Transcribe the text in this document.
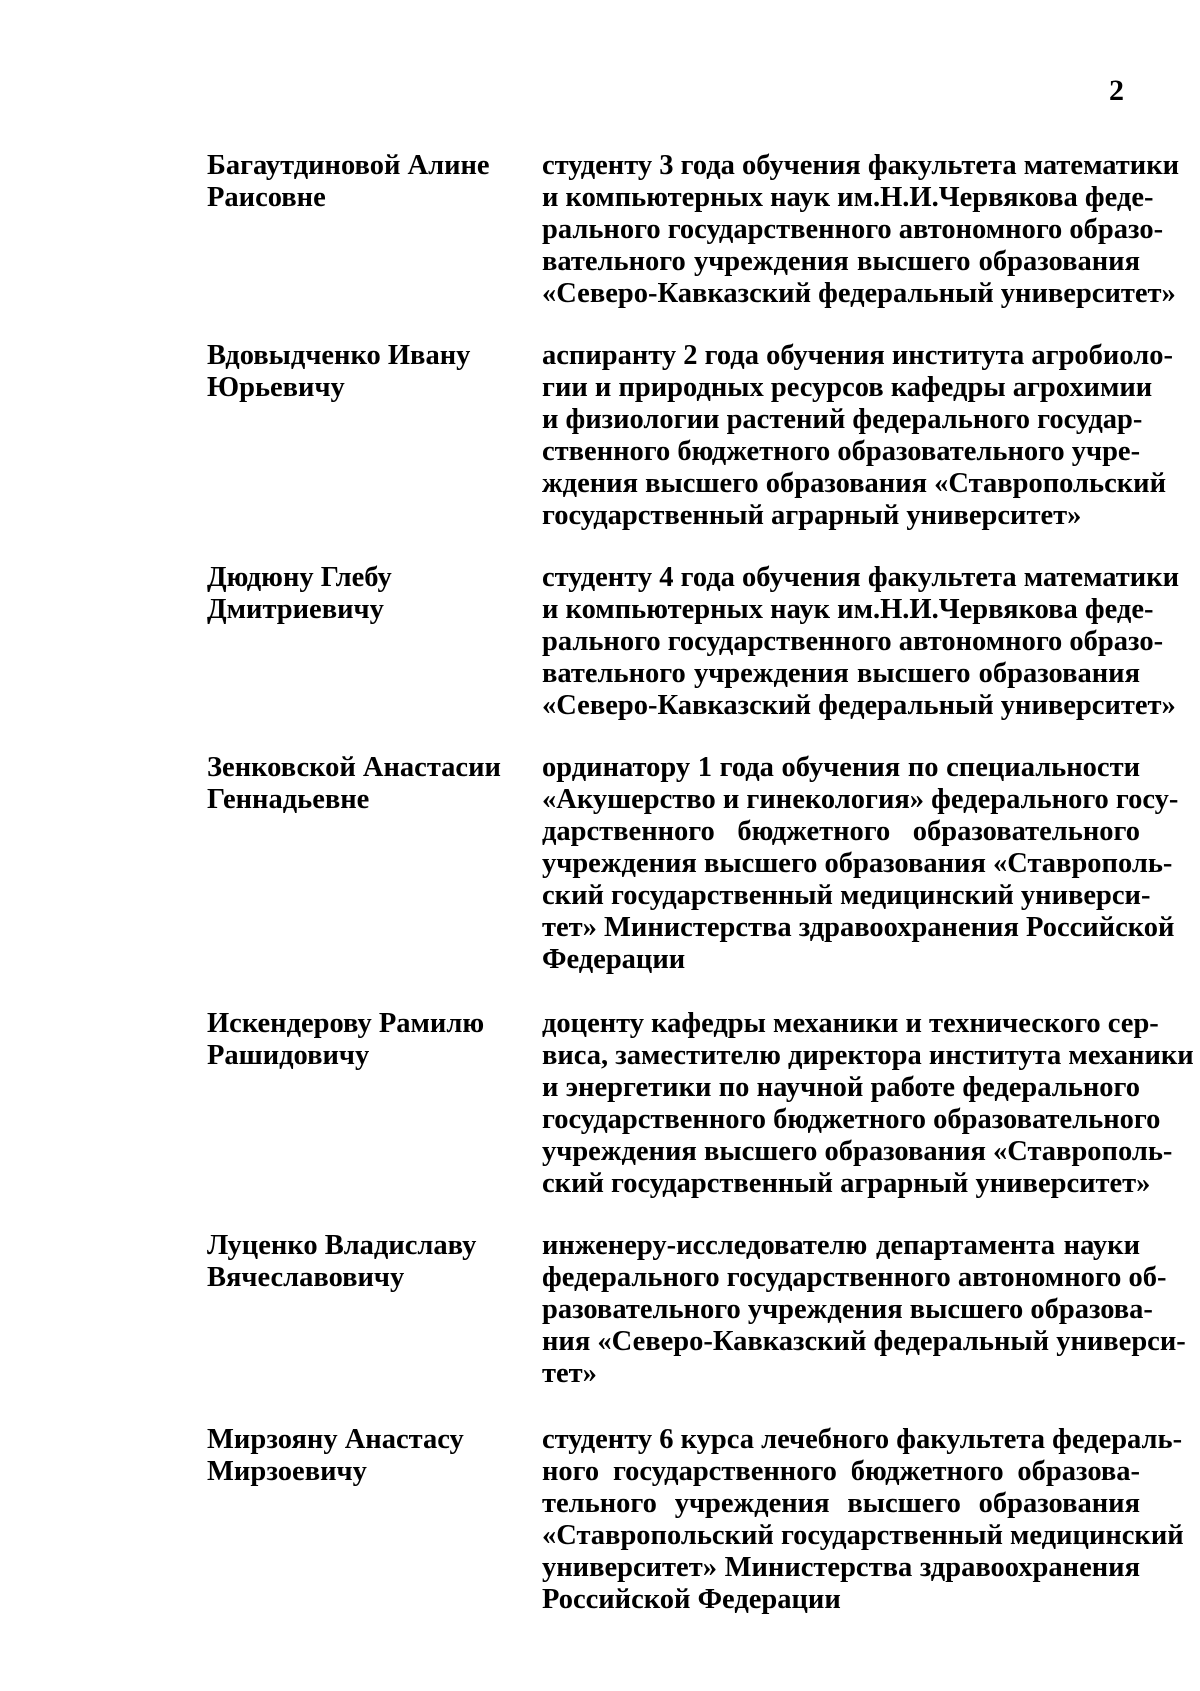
2
Багаутдиновой Алине
Раисовне
студенту 3 года обучения факультета математики
и компьютерных наук им.Н.И.Червякова феде-
рального государственного автономного образо-
вательного учреждения высшего образования
«Северо-Кавказский федеральный университет»
Вдовыдченко Ивану
Юрьевичу
аспиранту 2 года обучения института агробиоло-
гии и природных ресурсов кафедры агрохимии
и физиологии растений федерального государ-
ственного бюджетного образовательного учре-
ждения высшего образования «Ставропольский
государственный аграрный университет»
Дюдюну Глебу
Дмитриевичу
студенту 4 года обучения факультета математики
и компьютерных наук им.Н.И.Червякова феде-
рального государственного автономного образо-
вательного учреждения высшего образования
«Северо-Кавказский федеральный университет»
Зенковской Анастасии
Геннадьевне
ординатору 1 года обучения по специальности
«Акушерство и гинекология» федерального госу-
дарственного бюджетного образовательного
учреждения высшего образования «Ставрополь-
ский государственный медицинский универси-
тет» Министерства здравоохранения Российской
Федерации
Искендерову Рамилю
Рашидовичу
доценту кафедры механики и технического сер-
виса, заместителю директора института механики
и энергетики по научной работе федерального
государственного бюджетного образовательного
учреждения высшего образования «Ставрополь-
ский государственный аграрный университет»
Луценко Владиславу
Вячеславовичу
инженеру-исследователю департамента науки
федерального государственного автономного об-
разовательного учреждения высшего образова-
ния «Северо-Кавказский федеральный универси-
тет»
Мирзояну Анастасу
Мирзоевичу
студенту 6 курса лечебного факультета федераль-
ного государственного бюджетного образова-
тельного учреждения высшего образования
«Ставропольский государственный медицинский
университет» Министерства здравоохранения
Российской Федерации
